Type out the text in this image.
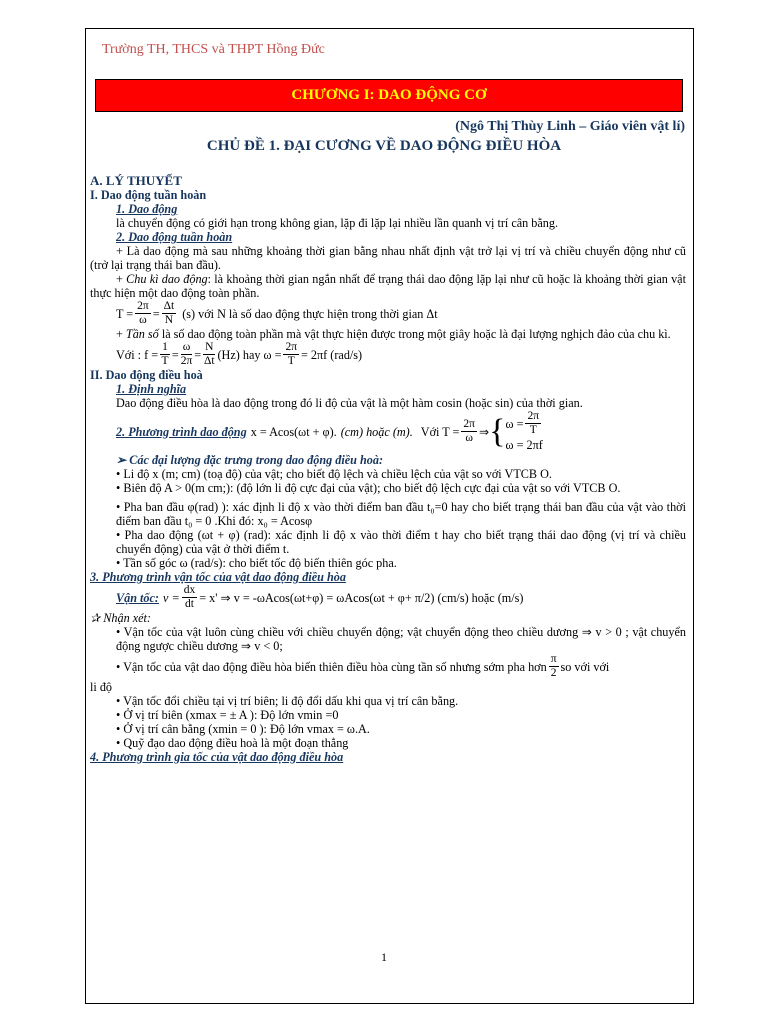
Trường TH, THCS và THPT Hồng Đức
CHƯƠNG I: DAO ĐỘNG CƠ
(Ngô Thị Thùy Linh – Giáo viên vật lí)
CHỦ ĐỀ 1. ĐẠI CƯƠNG VỀ DAO ĐỘNG ĐIỀU HÒA
A. LÝ THUYẾT
I. Dao động tuần hoàn
1. Dao động
là chuyển động có giới hạn trong không gian, lặp đi lặp lại nhiều lần quanh vị trí cân bằng.
2. Dao động tuần hoàn
+ Là dao động mà sau những khoảng thời gian bằng nhau nhất định vật trở lại vị trí và chiều chuyển động như cũ (trở lại trạng thái ban đầu).
+ Chu kì dao động: là khoảng thời gian ngắn nhất để trạng thái dao động lặp lại như cũ hoặc là khoảng thời gian vật thực hiện một dao động toàn phần.
$T = \frac{2\pi}{\omega} = \frac{\Delta t}{N} (s)$ với N là số dao động thực hiện trong thời gian Δt
+ Tần số là số dao động toàn phần mà vật thực hiện được trong một giây hoặc là đại lượng nghịch đảo của chu kì.
Với : $f = \frac{1}{T} = \frac{\omega}{2\pi} = \frac{N}{\Delta t} (Hz)$ hay $\omega = \frac{2\pi}{T} = 2\pi f$ (rad/s)
II. Dao động điều hoà
1. Định nghĩa
Dao động điều hòa là dao động trong đó li độ của vật là một hàm cosin (hoặc sin) của thời gian.
2. Phương trình dao động x = Acos(ωt + φ). (cm) hoặc (m). Với $T = \frac{2\pi}{\omega}$ ⇒ { $\omega = \frac{2\pi}{T}$
ω = 2πf
➢ Các đại lượng đặc trưng trong dao động điều hoà:
• Li độ x (m; cm) (toạ độ) của vật; cho biết độ lệch và chiều lệch của vật so với VTCB O.
• Biên độ A > 0(m cm;): (độ lớn li độ cực đại của vật); cho biết độ lệch cực đại của vật so với VTCB O.
• Pha ban đầu φ(rad) ): xác định li độ x vào thời điểm ban đầu t₀=0 hay cho biết trạng thái ban đầu của vật vào thời điểm ban đầu t₀ = 0 .Khi đó: x₀ = Acosφ
• Pha dao động (ωt + φ) (rad): xác định li độ x vào thời điểm t hay cho biết trạng thái dao động (vị trí và chiều chuyển động) của vật ở thời điểm t.
• Tần số góc ω (rad/s): cho biết tốc độ biến thiên góc pha.
3. Phương trình vận tốc của vật dao động điều hòa
Vận tốc: $v = \frac{dx}{dt} = x'$ ⇒ v = -ωAcos(ωt+φ) = ωAcos(ωt + φ+ π/2) (cm/s) hoặc (m/s)
✰ Nhận xét:
• Vận tốc của vật luôn cùng chiều với chiều chuyển động; vật chuyển động theo chiều dương ⇒ v > 0 ; vật chuyển động ngược chiều dương ⇒ v < 0;
• Vận tốc của vật dao động điều hòa biến thiên điều hòa cùng tần số nhưng sớm pha hơn $\frac{\pi}{2}$ so với với
li độ
• Vận tốc đổi chiều tại vị trí biên; li độ đổi dấu khi qua vị trí cân bằng.
• Ở vị trí biên (xmax = ± A ): Độ lớn vmin =0
• Ở vị trí cân bằng (xmin = 0 ): Độ lớn vmax = ω.A.
• Quỹ đạo dao động điều hoà là một đoạn thẳng
4. Phương trình gia tốc của vật dao động điều hòa
1
